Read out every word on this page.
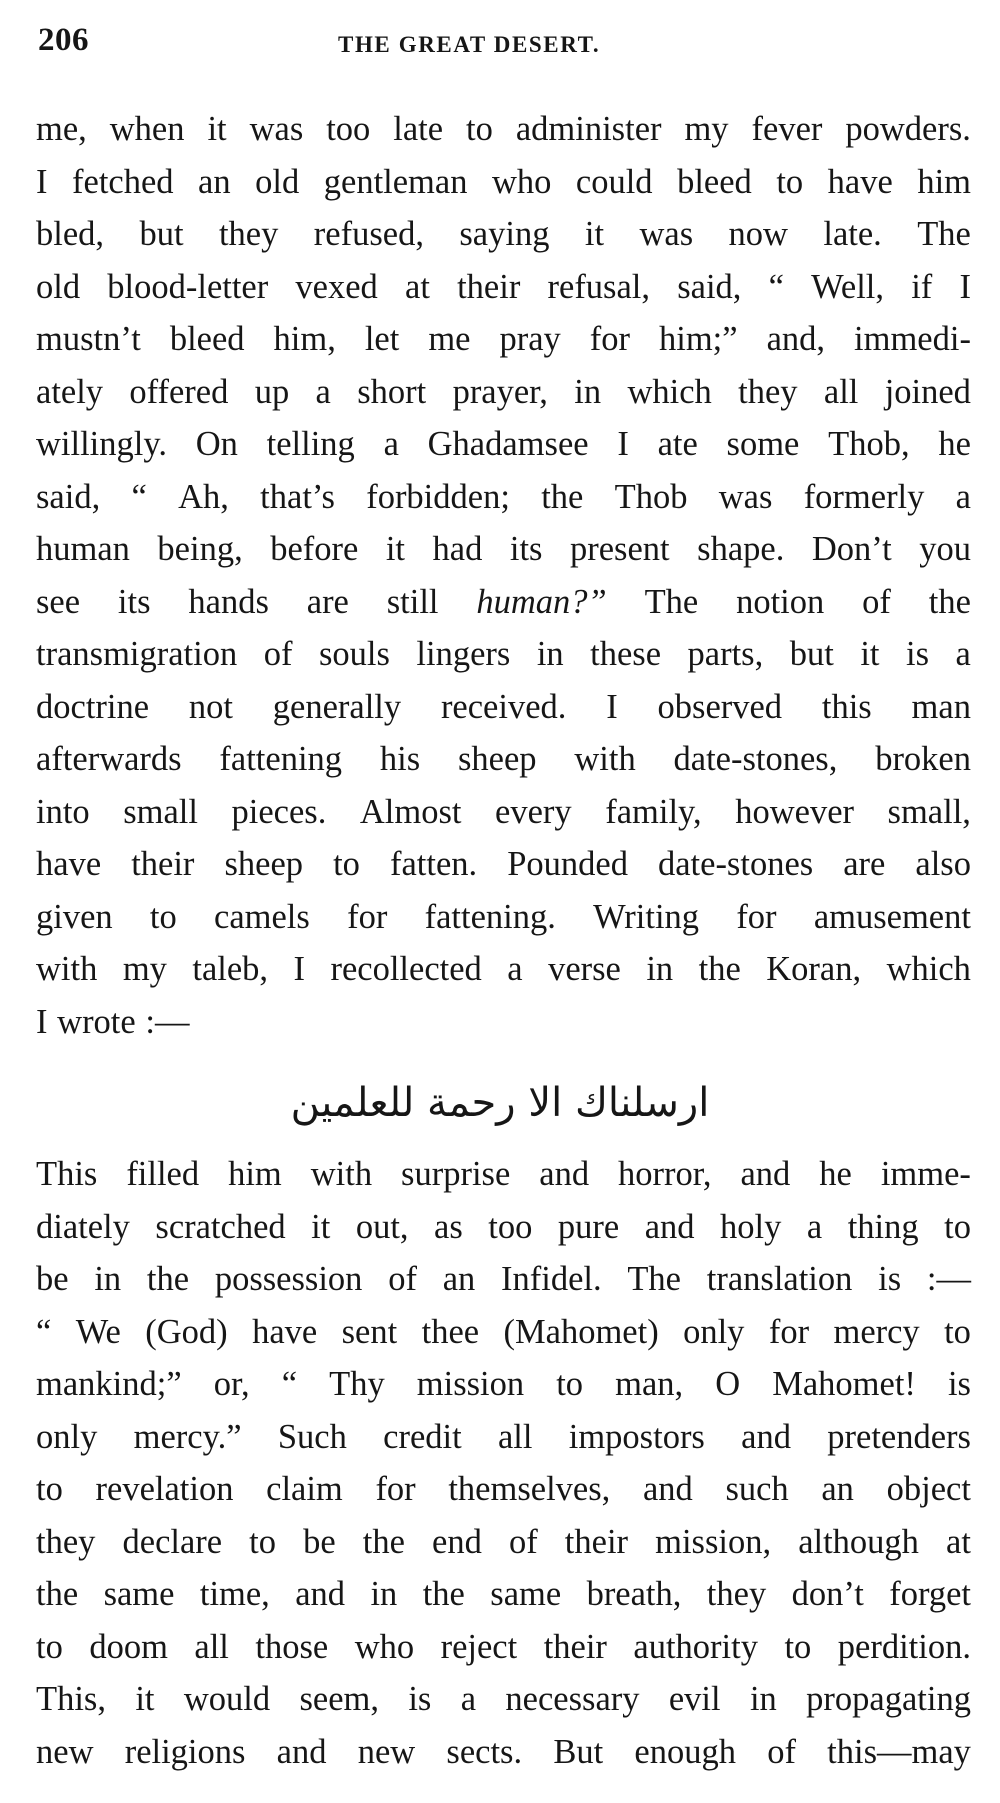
206	THE GREAT DESERT.
me, when it was too late to administer my fever powders.
I fetched an old gentleman who could bleed to have him
bled, but they refused, saying it was now late. The
old blood-letter vexed at their refusal, said, “ Well, if I
mustn’t bleed him, let me pray for him;” and, immedi-
ately offered up a short prayer, in which they all joined
willingly. On telling a Ghadamsee I ate some Thob, he
said, “ Ah, that’s forbidden; the Thob was formerly a
human being, before it had its present shape. Don’t you
see its hands are still human?” The notion of the
transmigration of souls lingers in these parts, but it is a
doctrine not generally received. I observed this man
afterwards fattening his sheep with date-stones, broken
into small pieces. Almost every family, however small,
have their sheep to fatten. Pounded date-stones are also
given to camels for fattening. Writing for amusement
with my taleb, I recollected a verse in the Koran, which
I wrote :—
ارسلناك الا رحمة للعلمين
This filled him with surprise and horror, and he imme-
diately scratched it out, as too pure and holy a thing to
be in the possession of an Infidel. The translation is :—
“ We (God) have sent thee (Mahomet) only for mercy to
mankind;” or, “ Thy mission to man, O Mahomet! is
only mercy.” Such credit all impostors and pretenders
to revelation claim for themselves, and such an object
they declare to be the end of their mission, although at
the same time, and in the same breath, they don’t forget
to doom all those who reject their authority to perdition.
This, it would seem, is a necessary evil in propagating
new religions and new sects. But enough of this—may
